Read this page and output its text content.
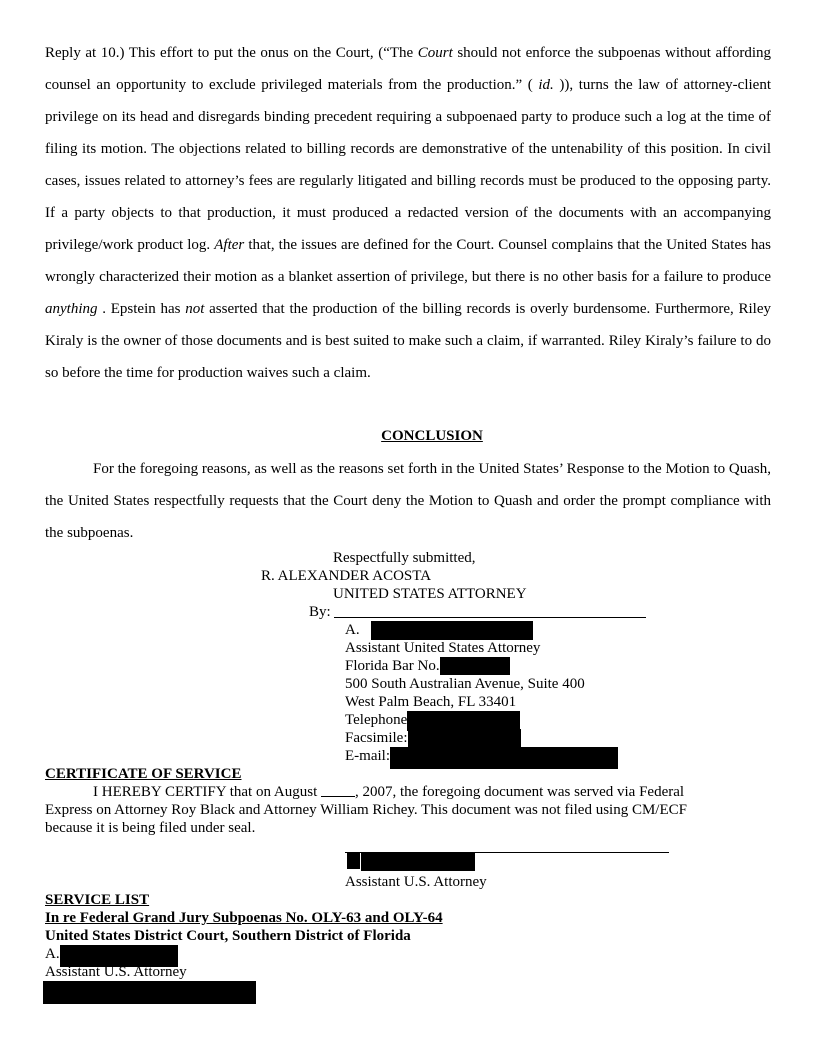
Reply at 10.) This effort to put the onus on the Court, (“The Court should not enforce the subpoenas without affording counsel an opportunity to exclude privileged materials from the production.” ( id. )), turns the law of attorney-client privilege on its head and disregards binding precedent requiring a subpoenaed party to produce such a log at the time of filing its motion. The objections related to billing records are demonstrative of the untenability of this position. In civil cases, issues related to attorney’s fees are regularly litigated and billing records must be produced to the opposing party. If a party objects to that production, it must produced a redacted version of the documents with an accompanying privilege/work product log. After that, the issues are defined for the Court. Counsel complains that the United States has wrongly characterized their motion as a blanket assertion of privilege, but there is no other basis for a failure to produce anything . Epstein has not asserted that the production of the billing records is overly burdensome. Furthermore, Riley Kiraly is the owner of those documents and is best suited to make such a claim, if warranted. Riley Kiraly’s failure to do so before the time for production waives such a claim.

CONCLUSION

For the foregoing reasons, as well as the reasons set forth in the United States’ Response to the Motion to Quash, the United States respectfully requests that the Court deny the Motion to Quash and order the prompt compliance with the subpoenas.

Respectfully submitted,
R. ALEXANDER ACOSTA
UNITED STATES ATTORNEY
By:
A.
Assistant United States Attorney
Florida Bar No.
500 South Australian Avenue, Suite 400
West Palm Beach, FL 33401
Telephone
Facsimile:
E-mail:
CERTIFICATE OF SERVICE
I HEREBY CERTIFY that on August , 2007, the foregoing document was served via Federal
Express on Attorney Roy Black and Attorney William Richey. This document was not filed using CM/ECF
because it is being filed under seal.
Assistant U.S. Attorney
SERVICE LIST
In re Federal Grand Jury Subpoenas No. OLY-63 and OLY-64
United States District Court, Southern District of Florida
A.
Assistant U.S. Attorney
